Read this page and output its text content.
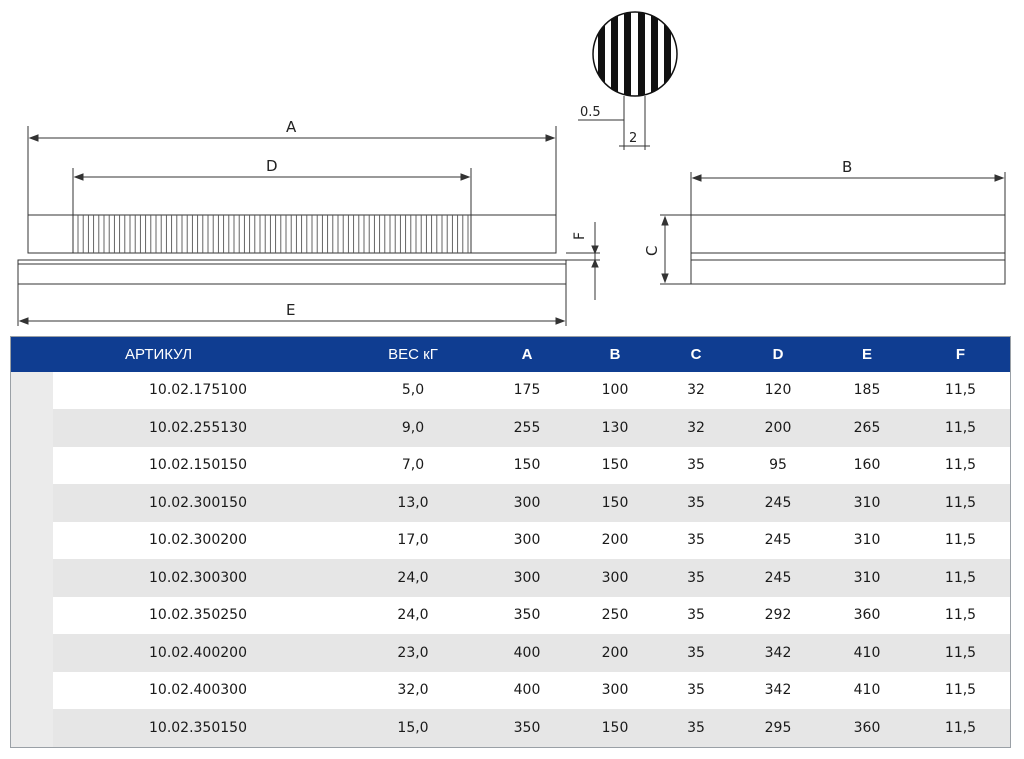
0.5
2
A
D
E
F
B
C
	АРТИКУЛ	ВЕС кГ	A	B	C	D	E	F
	10.02.175100	5,0	175	100	32	120	185	11,5
	10.02.255130	9,0	255	130	32	200	265	11,5
	10.02.150150	7,0	150	150	35	95	160	11,5
	10.02.300150	13,0	300	150	35	245	310	11,5
	10.02.300200	17,0	300	200	35	245	310	11,5
	10.02.300300	24,0	300	300	35	245	310	11,5
	10.02.350250	24,0	350	250	35	292	360	11,5
	10.02.400200	23,0	400	200	35	342	410	11,5
	10.02.400300	32,0	400	300	35	342	410	11,5
	10.02.350150	15,0	350	150	35	295	360	11,5
